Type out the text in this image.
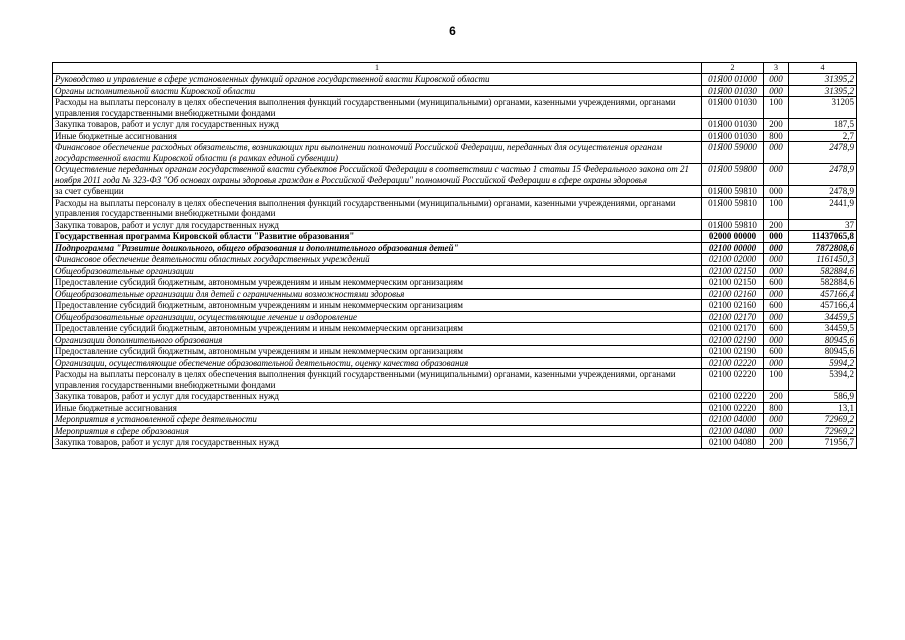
6
1	2	3	4
Руководство и управление в сфере установленных функций органов государственной власти Кировской области	01Я00 01000	000	31395,2
Органы исполнительной власти Кировской области	01Я00 01030	000	31395,2
Расходы на выплаты персоналу в целях обеспечения выполнения функций государственными (муниципальными) органами, казенными учреждениями, органами управления государственными внебюджетными фондами	01Я00 01030	100	31205
Закупка товаров, работ и услуг для государственных нужд	01Я00 01030	200	187,5
Иные бюджетные ассигнования	01Я00 01030	800	2,7
Финансовое обеспечение расходных обязательств, возникающих при выполнении полномочий Российской Федерации, переданных для осуществления органам государственной власти Кировской области (в рамках единой субвенции)	01Я00 59000	000	2478,9
Осуществление переданных органам государственной власти субъектов Российской Федерации в соответствии с частью 1 статьи 15 Федерального закона от 21 ноября 2011 года № 323-ФЗ "Об основах охраны здоровья граждан в Российской Федерации" полномочий Российской Федерации в сфере охраны здоровья	01Я00 59800	000	2478,9
за счет субвенции	01Я00 59810	000	2478,9
Расходы на выплаты персоналу в целях обеспечения выполнения функций государственными (муниципальными) органами, казенными учреждениями, органами управления государственными внебюджетными фондами	01Я00 59810	100	2441,9
Закупка товаров, работ и услуг для государственных нужд	01Я00 59810	200	37
Государственная программа Кировской области "Развитие образования"	02000 00000	000	11437065,8
Подпрограмма "Развитие дошкольного, общего образования и дополнительного образования детей"	02100 00000	000	7872808,6
Финансовое обеспечение деятельности областных государственных учреждений	02100 02000	000	1161450,3
Общеобразовательные организации	02100 02150	000	582884,6
Предоставление субсидий бюджетным, автономным учреждениям и иным некоммерческим организациям	02100 02150	600	582884,6
Общеобразовательные организации для детей с ограниченными возможностями здоровья	02100 02160	000	457166,4
Предоставление субсидий бюджетным, автономным учреждениям и иным некоммерческим организациям	02100 02160	600	457166,4
Общеобразовательные организации, осуществляющие лечение и оздоровление	02100 02170	000	34459,5
Предоставление субсидий бюджетным, автономным учреждениям и иным некоммерческим организациям	02100 02170	600	34459,5
Организации дополнительного образования	02100 02190	000	80945,6
Предоставление субсидий бюджетным, автономным учреждениям и иным некоммерческим организациям	02100 02190	600	80945,6
Организации, осуществляющие обеспечение образовательной деятельности, оценку качества образования	02100 02220	000	5994,2
Расходы на выплаты персоналу в целях обеспечения выполнения функций государственными (муниципальными) органами, казенными учреждениями, органами управления государственными внебюджетными фондами	02100 02220	100	5394,2
Закупка товаров, работ и услуг для государственных нужд	02100 02220	200	586,9
Иные бюджетные ассигнования	02100 02220	800	13,1
Мероприятия в установленной сфере деятельности	02100 04000	000	72969,2
Мероприятия в сфере образования	02100 04080	000	72969,2
Закупка товаров, работ и услуг для государственных нужд	02100 04080	200	71956,7
